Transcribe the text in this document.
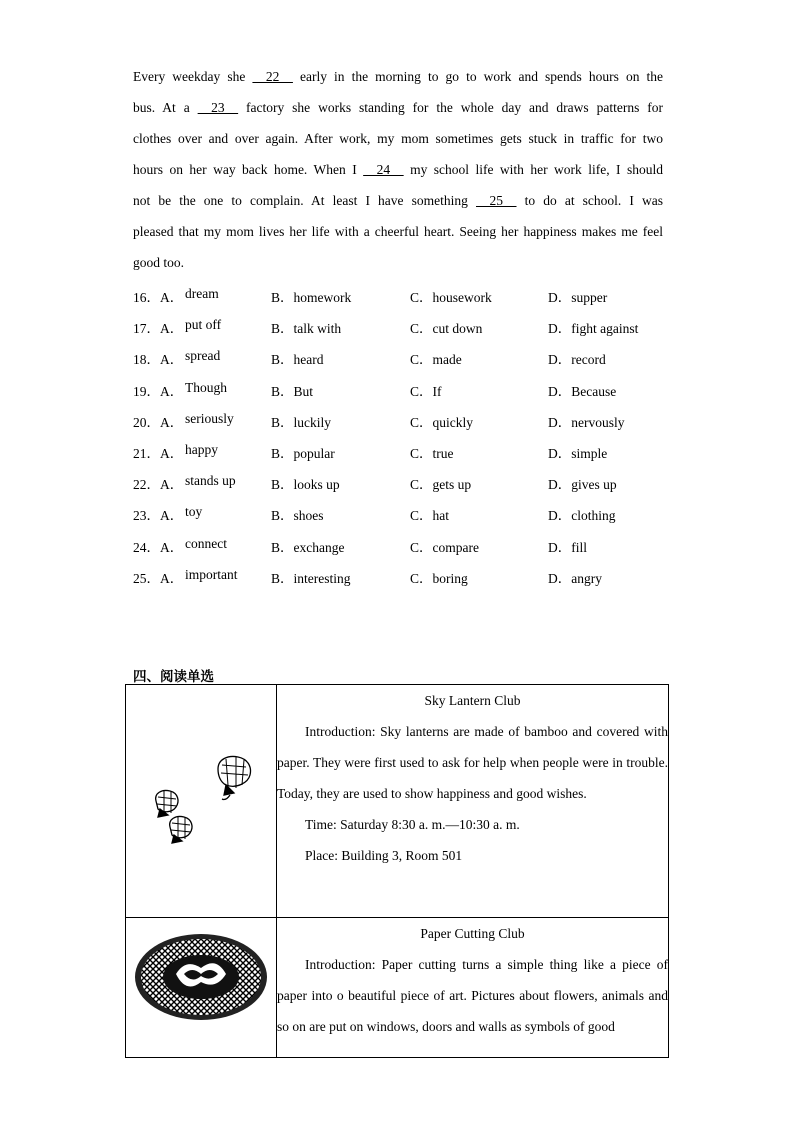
Every weekday she     22     early in the morning to go to work and spends hours on the
bus. At a     23     factory she works standing for the whole day and draws patterns for
clothes over and over again. After work, my mom sometimes gets stuck in traffic for two
hours on her way back home. When I     24     my school life with her work life, I should
not be the one to complain. At least I have something     25     to do at school. I was
pleased that my mom lives her life with a cheerful heart. Seeing her happiness makes me feel
good too.
16．A． dream	B．homework	C．housework	D．supper
17．A． put off	B．talk with	C．cut down	D．fight against
18．A． spread	B．heard	C．made	D．record
19．A． Though	B．But	C．If	D．Because
20．A． seriously	B．luckily	C．quickly	D．nervously
21．A． happy	B．popular	C．true	D．simple
22．A． stands up	B．looks up	C．gets up	D．gives up
23．A． toy	B．shoes	C．hat	D．clothing
24．A． connect	B．exchange	C．compare	D．fill
25．A． important B．interesting	C．boring	D．angry
四、阅读单选

Sky Lantern Club

Introduction: Sky lanterns are made of bamboo and covered with paper. They were first used to ask for help when people were in trouble. Today, they are used to show happiness and good wishes.

Time: Saturday 8:30 a. m.—10:30 a. m.
Place: Building 3, Room 501

Paper Cutting Club

Introduction: Paper cutting turns a simple thing like a piece of paper into o beautiful piece of art. Pictures about flowers, animals and so on are put on windows, doors and walls as symbols of good
